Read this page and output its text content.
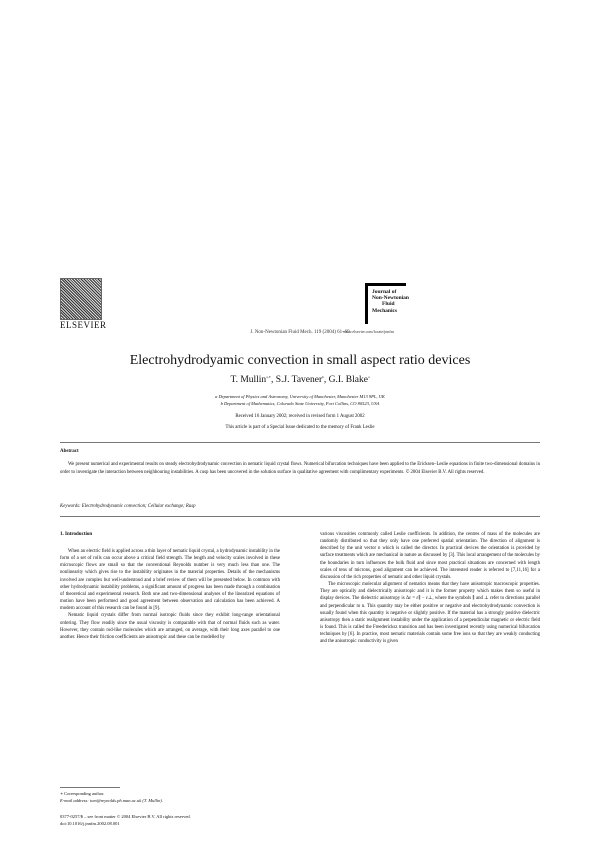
ELSEVIER
Journal of
Non-Newtonian
Fluid
Mechanics
www.elsevier.com/locate/jnnfm
J. Non-Newtonian Fluid Mech. 119 (2004) 61–69
Electrohydrodyamic convection in small aspect ratio devices
T. Mullin$^{a,∗}$, S.J. Tavener$^b$, G.I. Blake$^a$
a Department of Physics and Astronomy, University of Manchester, Manchester M13 9PL, UK
b Department of Mathematics, Colorado State University, Fort Collins, CO 80523, USA
Received 16 January 2002; received in revised form 1 August 2002
This article is part of a Special Issue dedicated to the memory of Frank Leslie
Abstract
We present numerical and experimental results on steady electrohydrodynamic convection in nematic liquid crystal flows. Numerical bifurcation techniques have been applied to the Ericksen–Leslie equations in finite two-dimensional domains in order to investigate the interaction between neighbouring instabilities. A cusp has been uncovered in the solution surface in qualitative agreement with complimentary experiments. © 2004 Elsevier B.V. All rights reserved.
Keywords: Electrohydrodynamic convection; Cellular exchange; Rusp
1. Introduction
When an electric field is applied across a thin layer of nematic liquid crystal, a hydrodynamic instability in the form of a set of rolls can occur above a critical field strength. The length and velocity scales involved in these microscopic flows are small so that the conventional Reynolds number is very much less than one. The nonlinearity which gives rise to the instability originates in the material properties. Details of the mechanisms involved are complex but well-understood and a brief review of them will be presented below. In common with other hydrodynamic instability problems, a significant amount of progress has been made through a combination of theoretical and experimental research. Both one and two-dimensional analyses of the linearized equations of motion have been performed and good agreement between observation and calculation has been achieved. A modern account of this research can be found in [9].
Nematic liquid crystals differ from normal isotropic fluids since they exhibit long-range orientational ordering. They flow readily since the usual viscosity is comparable with that of normal fluids such as water. However, they contain rod-like molecules which are arranged, on average, with their long axes parallel to one another. Hence their friction coefficients are anisotropic and these can be modelled by
various viscosities commonly called Leslie coefficients. In addition, the centres of mass of the molecules are randomly distributed so that they only have one preferred spatial orientation. The direction of alignment is described by the unit vector n which is called the director. In practical devices the orientation is provided by surface treatments which are mechanical in nature as discussed by [3]. This local arrangement of the molecules by the boundaries in turn influences the bulk fluid and since most practical situations are concerned with length scales of tens of microns, good alignment can be achieved. The interested reader is referred to [7,11,16] for a discussion of the rich properties of nematic and other liquid crystals.
The microscopic molecular alignment of nematics means that they have anisotropic macroscopic properties. They are optically and dielectrically anisotropic and it is the former property which makes them so useful in display devices. The dielectric anisotropy is Δε = ε∥ − ε⊥, where the symbols ∥ and ⊥ refer to directions parallel and perpendicular to n. This quantity may be either positive or negative and electrohydrodynamic convection is usually found when this quantity is negative or slightly positive. If the material has a strongly positive dielectric anisotropy then a static realignment instability under the application of a perpendicular magnetic or electric field is found. This is called the Freedericksz transition and has been investigated recently using numerical bifurcation techniques by [6]. In practice, most nematic materials contain some free ions so that they are weakly conducting and the anisotropic conductivity is given
∗ Corresponding author.
E-mail address: tom@reynolds.ph.man.ac.uk (T. Mullin).
0377-0257/$ – see front matter © 2004 Elsevier B.V. All rights reserved.
doi:10.1016/j.jnnfm.2002.08.001
